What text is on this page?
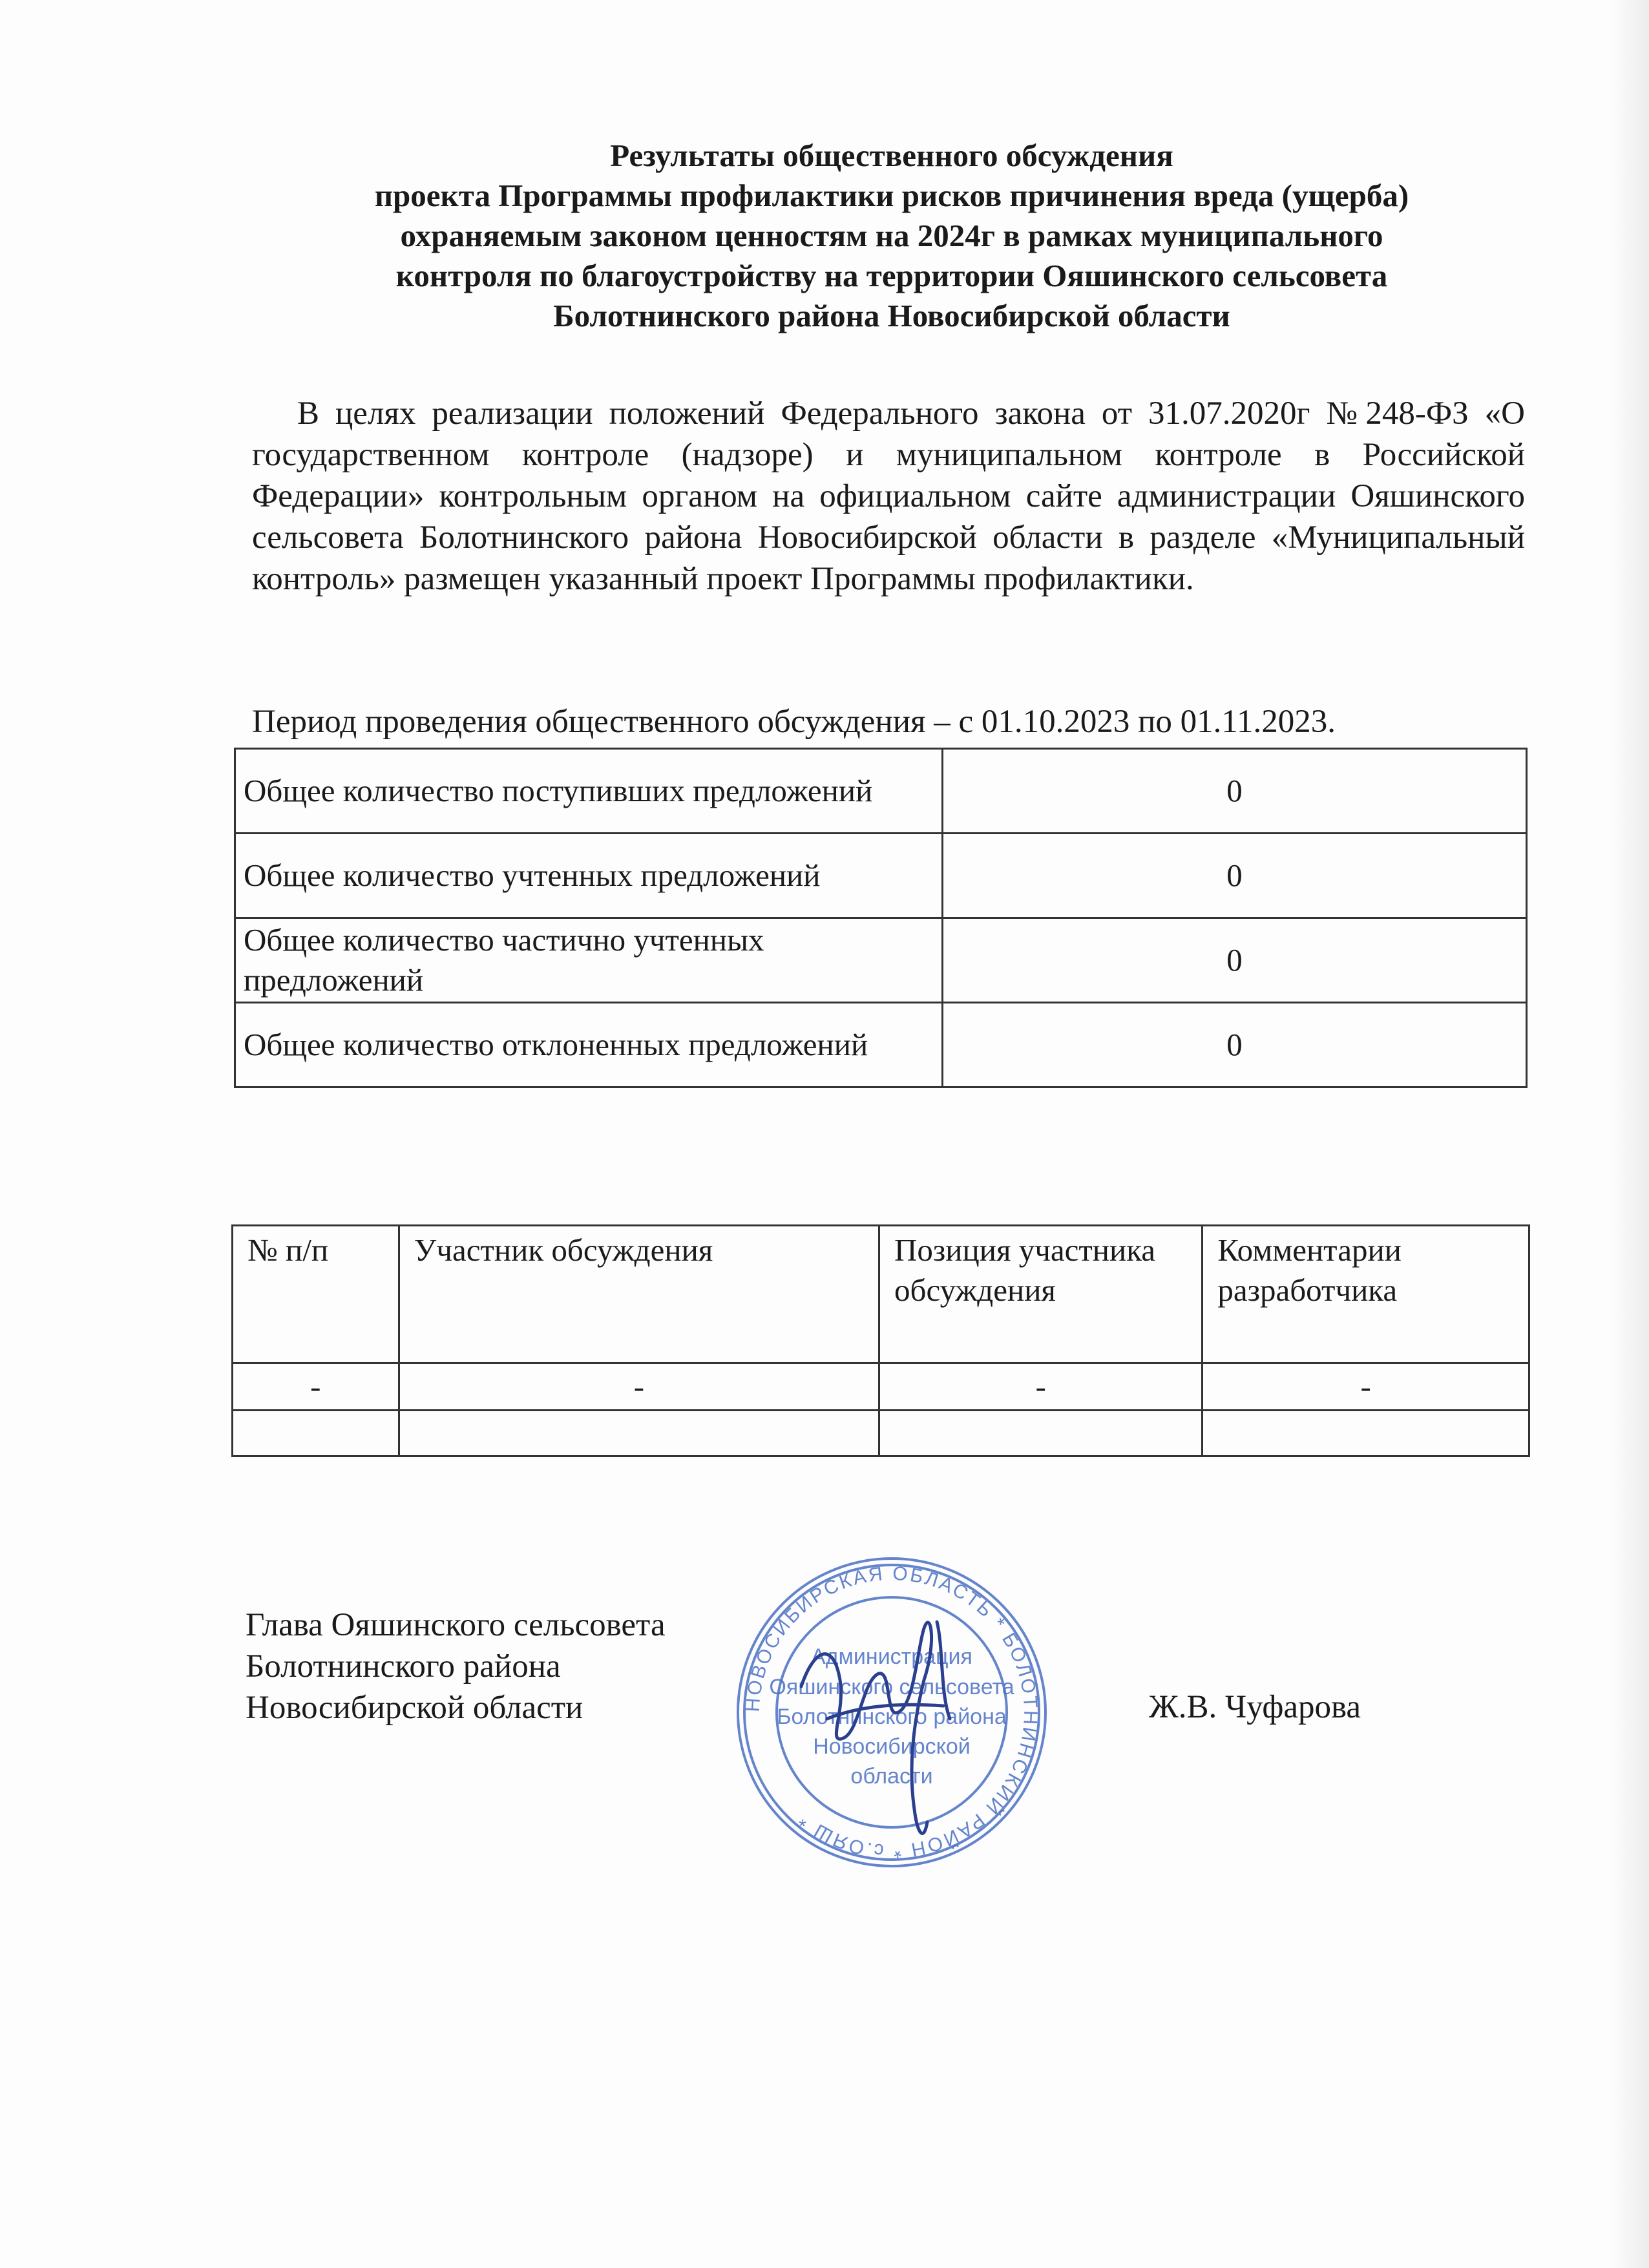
Результаты общественного обсуждения
проекта Программы профилактики рисков причинения вреда (ущерба)
охраняемым законом ценностям на 2024г в рамках муниципального
контроля по благоустройству на территории Ояшинского сельсовета
Болотнинского района Новосибирской области
В целях реализации положений Федерального закона от 31.07.2020г №248-ФЗ «О государственном контроле (надзоре) и муниципальном контроле в Российской Федерации» контрольным органом на официальном сайте администрации Ояшинского сельсовета Болотнинского района Новосибирской области в разделе «Муниципальный контроль» размещен указанный проект Программы профилактики.
Период проведения общественного обсуждения – с 01.10.2023 по 01.11.2023.
Общее количество поступивших предложений	0
Общее количество учтенных предложений	0
Общее количество частично учтенных предложений	0
Общее количество отклоненных предложений	0
№ п/п	Участник обсуждения	Позиция участника обсуждения	Комментарии разработчика
-	-	-	-

Глава Ояшинского сельсовета
Болотнинского района
Новосибирской области	Ж.В. Чуфарова
НОВОСИБИРСКАЯ ОБЛАСТЬ * БОЛОТНИНСКИЙ РАЙОН * с.ОЯШ *
Администрация
Ояшинского сельсовета
Болотнинского района
Новосибирской
области
